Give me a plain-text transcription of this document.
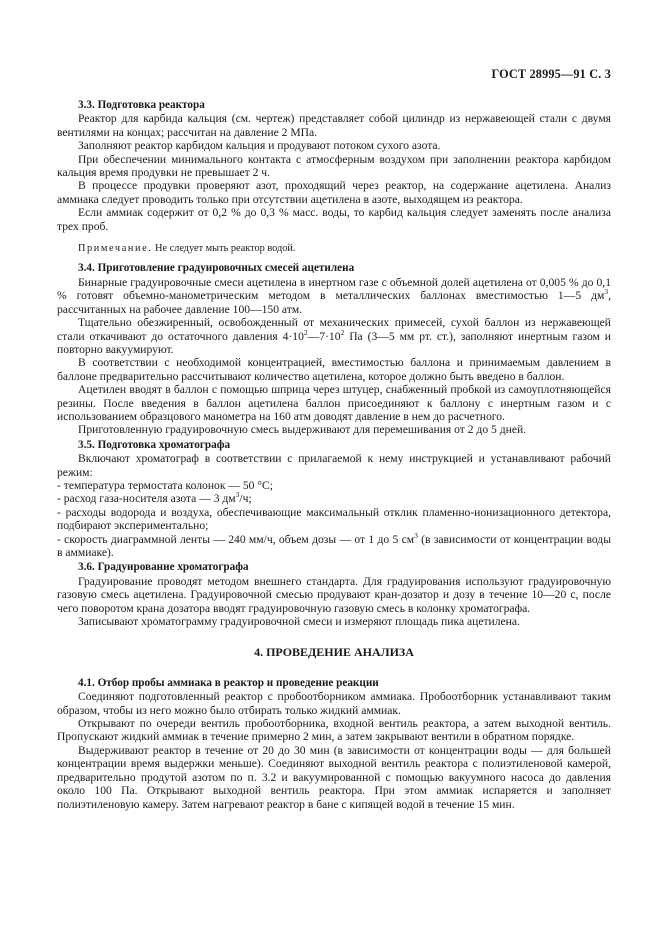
ГОСТ 28995—91 С. 3

3.3. Подготовка реактора

Реактор для карбида кальция (см. чертеж) представляет собой цилиндр из нержавеющей стали с двумя вентилями на концах; рассчитан на давление 2 МПа.

Заполняют реактор карбидом кальция и продувают потоком сухого азота.

При обеспечении минимального контакта с атмосферным воздухом при заполнении реактора карбидом кальция время продувки не превышает 2 ч.

В процессе продувки проверяют азот, проходящий через реактор, на содержание ацетилена. Анализ аммиака следует проводить только при отсутствии ацетилена в азоте, выходящем из реактора.

Если аммиак содержит от 0,2 % до 0,3 % масс. воды, то карбид кальция следует заменять после анализа трех проб.

Примечание. Не следует мыть реактор водой.

3.4. Приготовление градуировочных смесей ацетилена

Бинарные градуировочные смеси ацетилена в инертном газе с объемной долей ацетилена от 0,005 % до 0,1 % готовят объемно-манометрическим методом в металлических баллонах вместимостью 1—5 $дм^3$, рассчитанных на рабочее давление 100—150 атм.

Тщательно обезжиренный, освобожденный от механических примесей, сухой баллон из нержавеющей стали откачивают до остаточного давления $4\cdot 10^2—7\cdot 10^2$ Па (3—5 мм рт. ст.), заполняют инертным газом и повторно вакуумируют.

В соответствии с необходимой концентрацией, вместимостью баллона и принимаемым давлением в баллоне предварительно рассчитывают количество ацетилена, которое должно быть введено в баллон.

Ацетилен вводят в баллон с помощью шприца через штуцер, снабженный пробкой из самоуплотняющейся резины. После введения в баллон ацетилена баллон присоединяют к баллону с инертным газом и с использованием образцового манометра на 160 атм доводят давление в нем до расчетного.

Приготовленную градуировочную смесь выдерживают для перемешивания от 2 до 5 дней.

3.5. Подготовка хроматографа

Включают хроматограф в соответствии с прилагаемой к нему инструкцией и устанавливают рабочий режим:

- температура термостата колонок — 50 °С;

- расход газа-носителя азота — 3 $дм^3/ч$;

- расходы водорода и воздуха, обеспечивающие максимальный отклик пламенно-ионизационного детектора, подбирают экспериментально;

- скорость диаграммной ленты — 240 мм/ч, объем дозы — от 1 до 5 $см^3$ (в зависимости от концентрации воды в аммиаке).

3.6. Градуирование хроматографа

Градуирование проводят методом внешнего стандарта. Для градуирования используют градуировочную газовую смесь ацетилена. Градуировочной смесью продувают кран-дозатор и дозу в течение 10—20 с, после чего поворотом крана дозатора вводят градуировочную газовую смесь в колонку хроматографа.

Записывают хроматограмму градуировочной смеси и измеряют площадь пика ацетилена.

4. ПРОВЕДЕНИЕ АНАЛИЗА

4.1. Отбор пробы аммиака в реактор и проведение реакции

Соединяют подготовленный реактор с пробоотборником аммиака. Пробоотборник устанавливают таким образом, чтобы из него можно было отбирать только жидкий аммиак.

Открывают по очереди вентиль пробоотборника, входной вентиль реактора, а затем выходной вентиль. Пропускают жидкий аммиак в течение примерно 2 мин, а затем закрывают вентили в обратном порядке.

Выдерживают реактор в течение от 20 до 30 мин (в зависимости от концентрации воды — для большей концентрации время выдержки меньше). Соединяют выходной вентиль реактора с полиэтиленовой камерой, предварительно продутой азотом по п. 3.2 и вакуумированной с помощью вакуумного насоса до давления около 100 Па. Открывают выходной вентиль реактора. При этом аммиак испаряется и заполняет полиэтиленовую камеру. Затем нагревают реактор в бане с кипящей водой в течение 15 мин.
